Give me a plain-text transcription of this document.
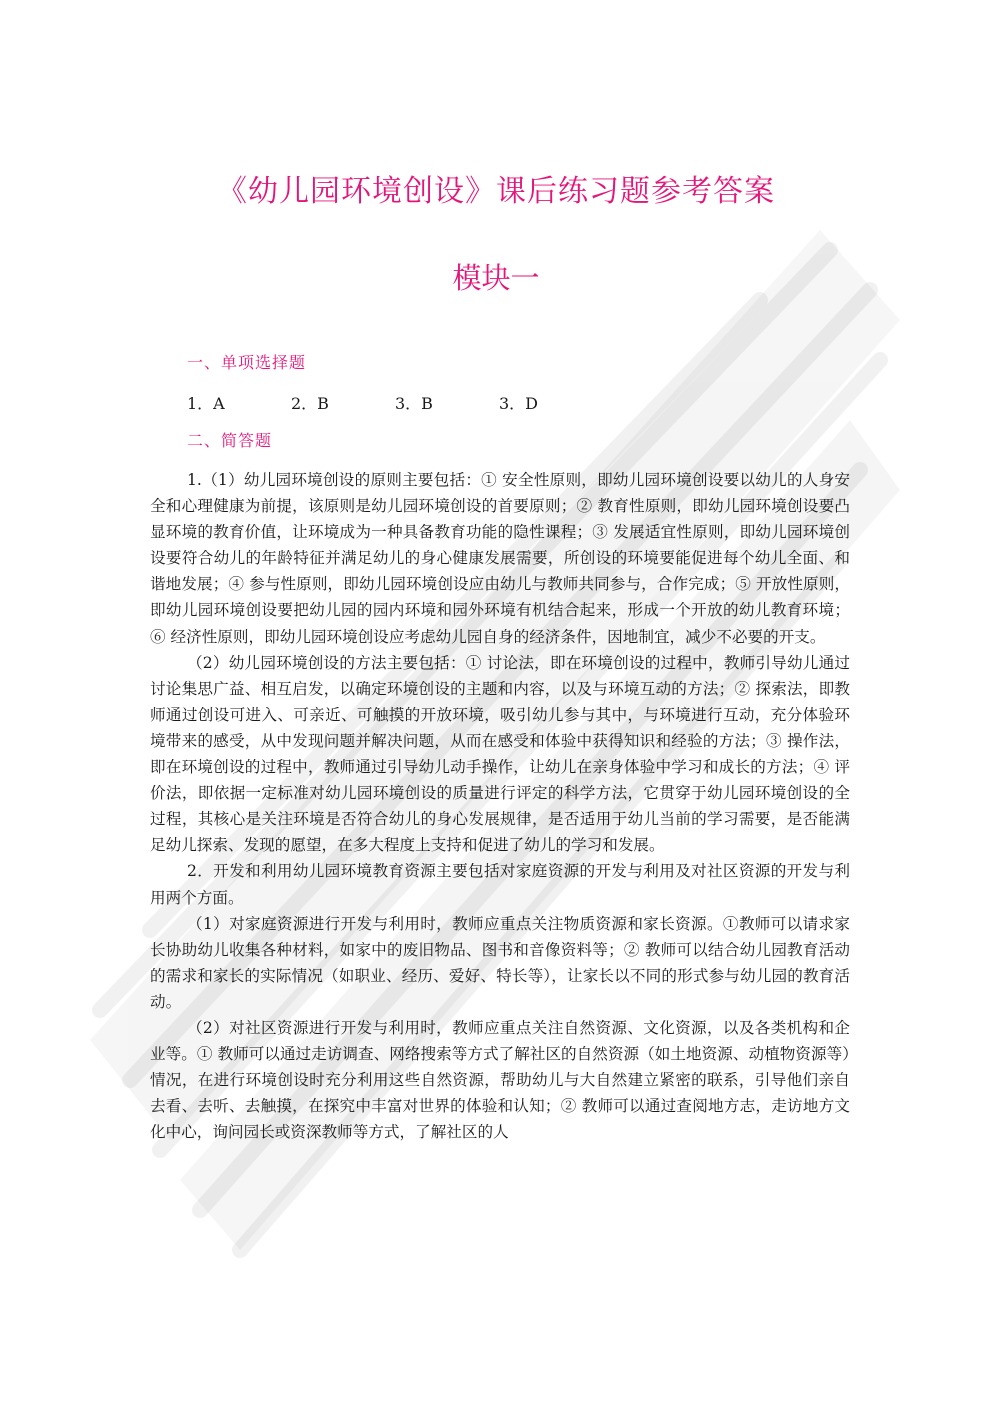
《幼儿园环境创设》课后练习题参考答案
模块一
一、单项选择题
1．A	2．B	3．B	3．D
二、简答题

1.（1）幼儿园环境创设的原则主要包括：① 安全性原则，即幼儿园环境创设要以幼儿的人身安全和心理健康为前提，该原则是幼儿园环境创设的首要原则；② 教育性原则，即幼儿园环境创设要凸显环境的教育价值，让环境成为一种具备教育功能的隐性课程；③ 发展适宜性原则，即幼儿园环境创设要符合幼儿的年龄特征并满足幼儿的身心健康发展需要，所创设的环境要能促进每个幼儿全面、和谐地发展；④ 参与性原则，即幼儿园环境创设应由幼儿与教师共同参与，合作完成；⑤ 开放性原则，即幼儿园环境创设要把幼儿园的园内环境和园外环境有机结合起来，形成一个开放的幼儿教育环境；⑥ 经济性原则，即幼儿园环境创设应考虑幼儿园自身的经济条件，因地制宜，减少不必要的开支。

（2）幼儿园环境创设的方法主要包括：① 讨论法，即在环境创设的过程中，教师引导幼儿通过讨论集思广益、相互启发，以确定环境创设的主题和内容，以及与环境互动的方法；② 探索法，即教师通过创设可进入、可亲近、可触摸的开放环境，吸引幼儿参与其中，与环境进行互动，充分体验环境带来的感受，从中发现问题并解决问题，从而在感受和体验中获得知识和经验的方法；③ 操作法，即在环境创设的过程中，教师通过引导幼儿动手操作，让幼儿在亲身体验中学习和成长的方法；④ 评价法，即依据一定标准对幼儿园环境创设的质量进行评定的科学方法，它贯穿于幼儿园环境创设的全过程，其核心是关注环境是否符合幼儿的身心发展规律，是否适用于幼儿当前的学习需要，是否能满足幼儿探索、发现的愿望，在多大程度上支持和促进了幼儿的学习和发展。

2．开发和利用幼儿园环境教育资源主要包括对家庭资源的开发与利用及对社区资源的开发与利用两个方面。

（1）对家庭资源进行开发与利用时，教师应重点关注物质资源和家长资源。①教师可以请求家长协助幼儿收集各种材料，如家中的废旧物品、图书和音像资料等；② 教师可以结合幼儿园教育活动的需求和家长的实际情况（如职业、经历、爱好、特长等），让家长以不同的形式参与幼儿园的教育活动。

（2）对社区资源进行开发与利用时，教师应重点关注自然资源、文化资源，以及各类机构和企业等。① 教师可以通过走访调查、网络搜索等方式了解社区的自然资源（如土地资源、动植物资源等）情况，在进行环境创设时充分利用这些自然资源，帮助幼儿与大自然建立紧密的联系，引导他们亲自去看、去听、去触摸，在探究中丰富对世界的体验和认知；② 教师可以通过查阅地方志，走访地方文化中心，询问园长或资深教师等方式，了解社区的人
